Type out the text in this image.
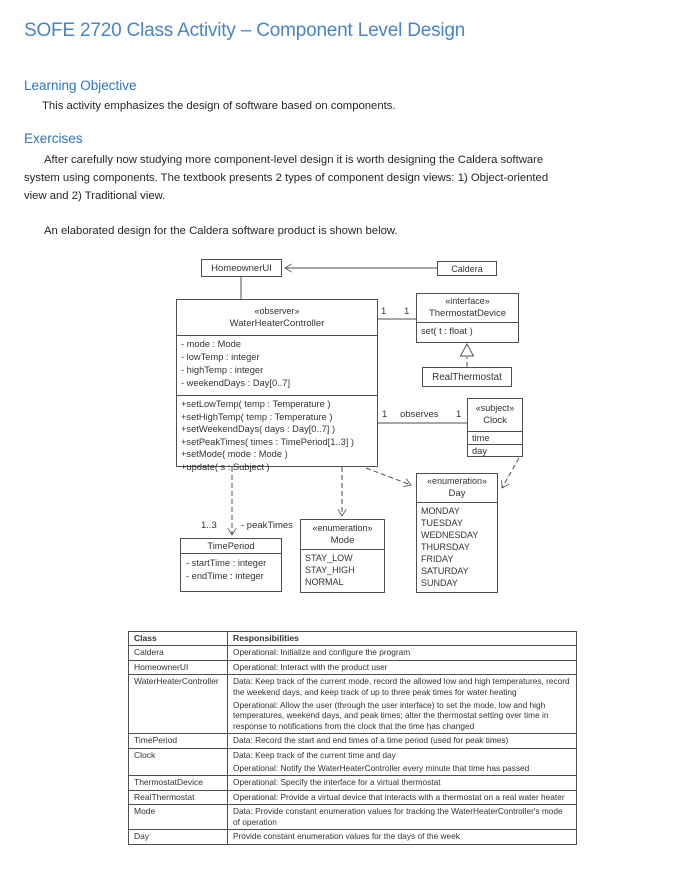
SOFE 2720 Class Activity – Component Level Design
Learning Objective
This activity emphasizes the design of software based on components.
Exercises
After carefully now studying more component-level design it is worth designing the Caldera software system using components. The textbook presents 2 types of component design views: 1) Object-oriented view and 2) Traditional view.
An elaborated design for the Caldera software product is shown below.
HomeownerUI	Caldera
«observer»
WaterHeaterController
- mode : Mode
- lowTemp : integer
- highTemp : integer
- weekendDays : Day[0..7]
+setLowTemp( temp : Temperature )
+setHighTemp( temp : Temperature )
+setWeekendDays( days : Day[0..7] )
+setPeakTimes( times : TimePeriod[1..3] )
+setMode( mode : Mode )
+update( s : Subject )
«interface»
ThermostatDevice
set( t : float )
RealThermostat
«subject»
Clock
time
day
«enumeration»
Day
MONDAY
TUESDAY
WEDNESDAY
THURSDAY
FRIDAY
SATURDAY
SUNDAY
«enumeration»
Mode
STAY_LOW
STAY_HIGH
NORMAL
TimePeriod
- startTime : integer
- endTime : integer
1 1
1 observes 1
1..3	- peakTimes
Class	Responsibilities
Caldera	Operational: Initialize and configure the program

HomeownerUI	Operational: Interact with the product user

WaterHeaterController	Data: Keep track of the current mode, record the allowed low and high temperatures, record the weekend days, and keep track of up to three peak times for water heating
Operational: Allow the user (through the user interface) to set the mode, low and high temperatures, weekend days, and peak times; alter the thermostat setting over time in response to notifications from the clock that the time has changed

TimePeriod	Data: Record the start and end times of a time period (used for peak times)

Clock	Data: Keep track of the current time and day
Operational: Notify the WaterHeaterController every minute that time has passed

ThermostatDevice	Operational: Specify the interface for a virtual thermostat

RealThermostat	Operational: Provide a virtual device that interacts with a thermostat on a real water heater

Mode	Data: Provide constant enumeration values for tracking the WaterHeaterController's mode of operation

Day	Provide constant enumeration values for the days of the week
